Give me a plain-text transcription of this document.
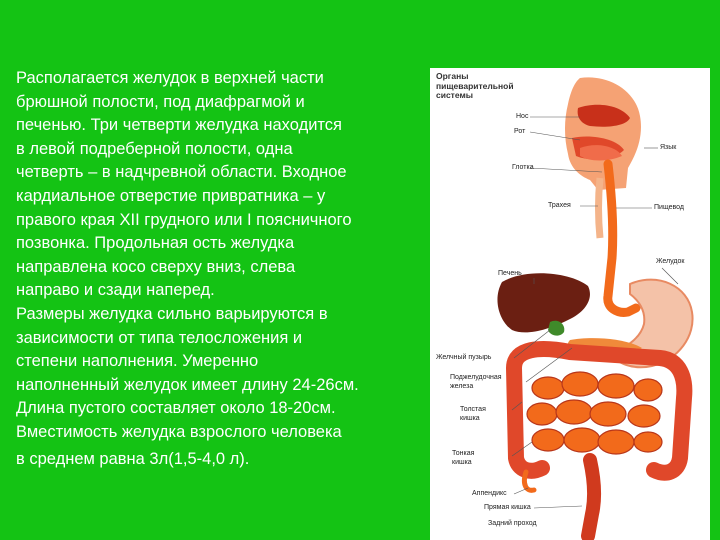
Располагается желудок в верхней части
брюшной полости, под диафрагмой и
печенью. Три четверти желудка находится
в левой подреберной полости, одна
четверть – в надчревной области. Входное
кардиальное отверстие привратника – у
правого края XII грудного или I поясничного
позвонка. Продольная ость желудка
направлена косо сверху вниз, слева
направо и сзади наперед.
Размеры желудка сильно варьируются в
зависимости от типа телосложения и
степени наполнения. Умеренно
наполненный желудок имеет длину 24-26см.
Длина пустого составляет около 18-20см.
Вместимость желудка взрослого человека
в среднем равна 3л(1,5-4,0 л).
Органы
пищеварительной
системы
Нос
Рот
Язык
Глотка
Трахея	Пищевод
Желудок
Печень
Желчный пузырь
Поджелудочная
железа
Толстая
кишка
Тонкая
кишка
Аппендикс
Прямая кишка
Задний проход
